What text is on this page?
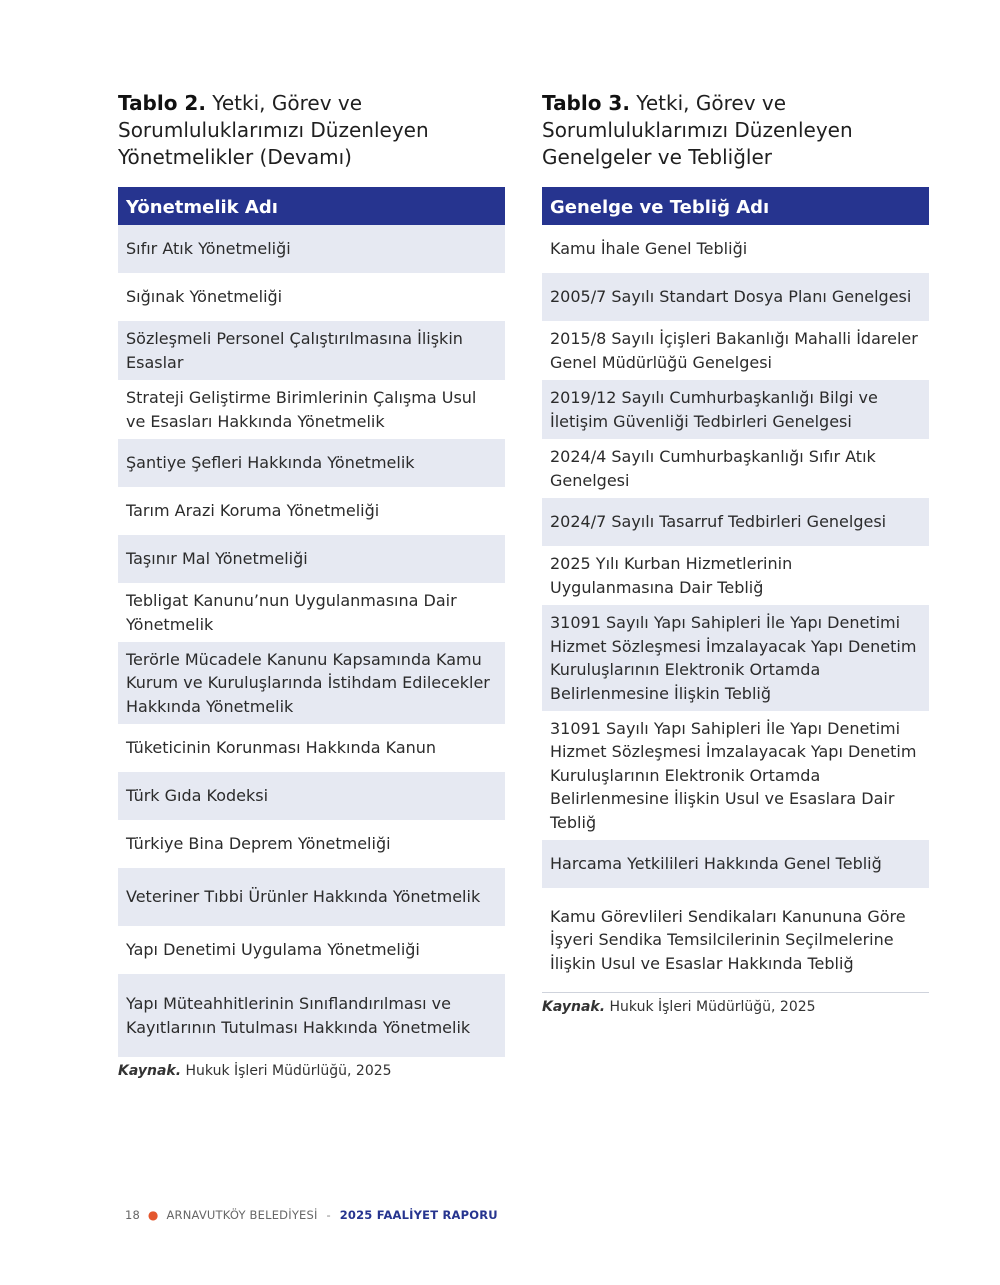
Tablo 2. Yetki, Görev ve Sorumluluklarımızı Düzenleyen Yönetmelikler (Devamı)
Yönetmelik Adı
Sıfır Atık Yönetmeliği
Sığınak Yönetmeliği
Sözleşmeli Personel Çalıştırılmasına İlişkin Esaslar
Strateji Geliştirme Birimlerinin Çalışma Usul ve Esasları Hakkında Yönetmelik
Şantiye Şefleri Hakkında Yönetmelik
Tarım Arazi Koruma Yönetmeliği
Taşınır Mal Yönetmeliği
Tebligat Kanunu’nun Uygulanmasına Dair Yönetmelik
Terörle Mücadele Kanunu Kapsamında Kamu Kurum ve Kuruluşlarında İstihdam Edilecekler Hakkında Yönetmelik
Tüketicinin Korunması Hakkında Kanun
Türk Gıda Kodeksi
Türkiye Bina Deprem Yönetmeliği
Veteriner Tıbbi Ürünler Hakkında Yönetmelik
Yapı Denetimi Uygulama Yönetmeliği
Yapı Müteahhitlerinin Sınıflandırılması ve Kayıtlarının Tutulması Hakkında Yönetmelik
Kaynak. Hukuk İşleri Müdürlüğü, 2025
Tablo 3. Yetki, Görev ve Sorumluluklarımızı Düzenleyen Genelgeler ve Tebliğler
Genelge ve Tebliğ Adı
Kamu İhale Genel Tebliği
2005/7 Sayılı Standart Dosya Planı Genelgesi
2015/8 Sayılı İçişleri Bakanlığı Mahalli İdareler Genel Müdürlüğü Genelgesi
2019/12 Sayılı Cumhurbaşkanlığı Bilgi ve İletişim Güvenliği Tedbirleri Genelgesi
2024/4 Sayılı Cumhurbaşkanlığı Sıfır Atık Genelgesi
2024/7 Sayılı Tasarruf Tedbirleri Genelgesi
2025 Yılı Kurban Hizmetlerinin Uygulanmasına Dair Tebliğ
31091 Sayılı Yapı Sahipleri İle Yapı Denetimi Hizmet Sözleşmesi İmzalayacak Yapı Denetim Kuruluşlarının Elektronik Ortamda Belirlenmesine İlişkin Tebliğ
31091 Sayılı Yapı Sahipleri İle Yapı Denetimi Hizmet Sözleşmesi İmzalayacak Yapı Denetim Kuruluşlarının Elektronik Ortamda Belirlenmesine İlişkin Usul ve Esaslara Dair Tebliğ
Harcama Yetkilileri Hakkında Genel Tebliğ
Kamu Görevlileri Sendikaları Kanununa Göre İşyeri Sendika Temsilcilerinin Seçilmelerine İlişkin Usul ve Esaslar Hakkında Tebliğ
Kaynak. Hukuk İşleri Müdürlüğü, 2025
18 ● ARNAVUTKÖY BELEDİYESİ - 2025 FAALİYET RAPORU
